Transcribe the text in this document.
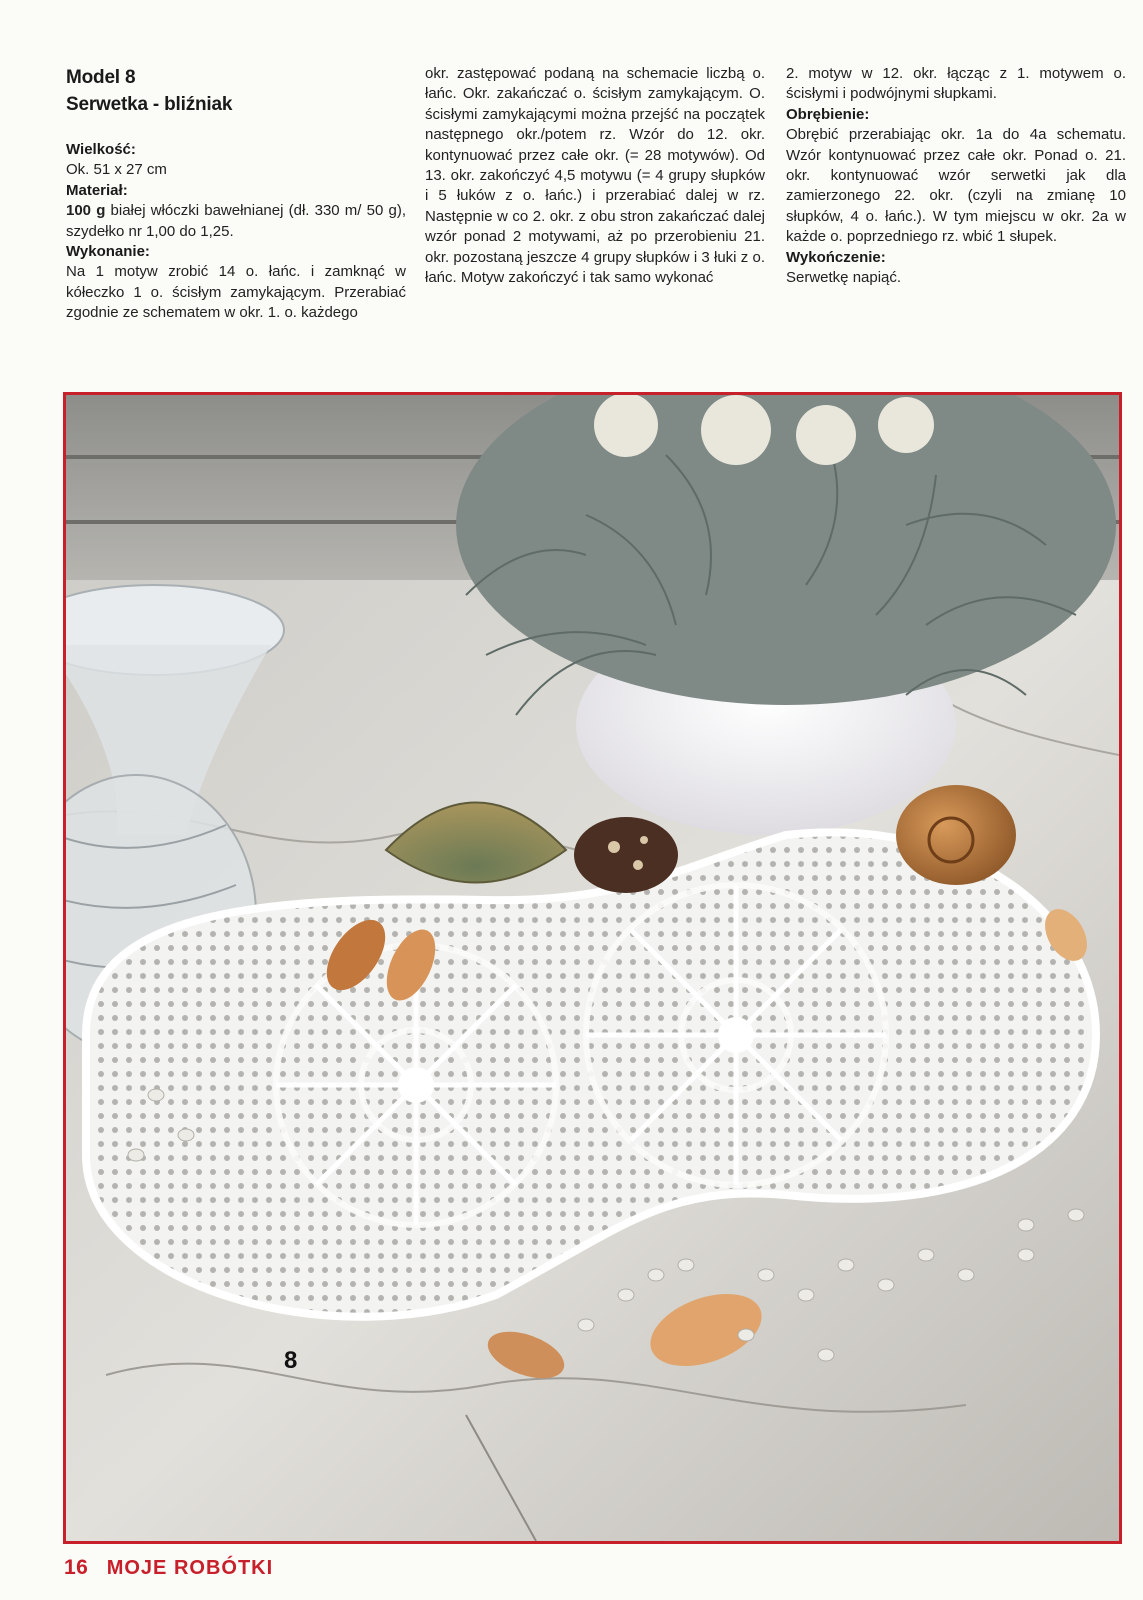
Model 8

Serwetka - bliźniak

Wielkość:

Ok. 51 x 27 cm

Materiał:

100 g białej włóczki bawełnianej (dł. 330 m/ 50 g), szydełko nr 1,00 do 1,25.

Wykonanie:

Na 1 motyw zrobić 14 o. łańc. i zamknąć w kółeczko 1 o. ścisłym zamykającym. Przerabiać zgodnie ze schematem w okr. 1. o. każdego

okr. zastępować podaną na schemacie liczbą o. łańc. Okr. zakańczać o. ścisłym zamykającym. O. ścisłymi zamykającymi można przejść na początek następnego okr./potem rz. Wzór do 12. okr. kontynuować przez całe okr. (= 28 motywów). Od 13. okr. zakończyć 4,5 motywu (= 4 grupy słupków i 5 łuków z o. łańc.) i przerabiać dalej w rz. Następnie w co 2. okr. z obu stron zakańczać dalej wzór ponad 2 motywami, aż po przerobieniu 21. okr. pozostaną jeszcze 4 grupy słupków i 3 łuki z o. łańc. Motyw zakończyć i tak samo wykonać

2. motyw w 12. okr. łącząc z 1. motywem o. ścisłymi i podwójnymi słupkami.

Obrębienie:

Obrębić przerabiając okr. 1a do 4a schematu. Wzór kontynuować przez całe okr. Ponad o. 21. okr. kontynuować wzór serwetki jak dla zamierzonego 22. okr. (czyli na zmianę 10 słupków, 4 o. łańc.). W tym miejscu w okr. 2a w każde o. poprzedniego rz. wbić 1 słupek.

Wykończenie:

Serwetkę napiąć.

8
16 MOJE ROBÓTKI
